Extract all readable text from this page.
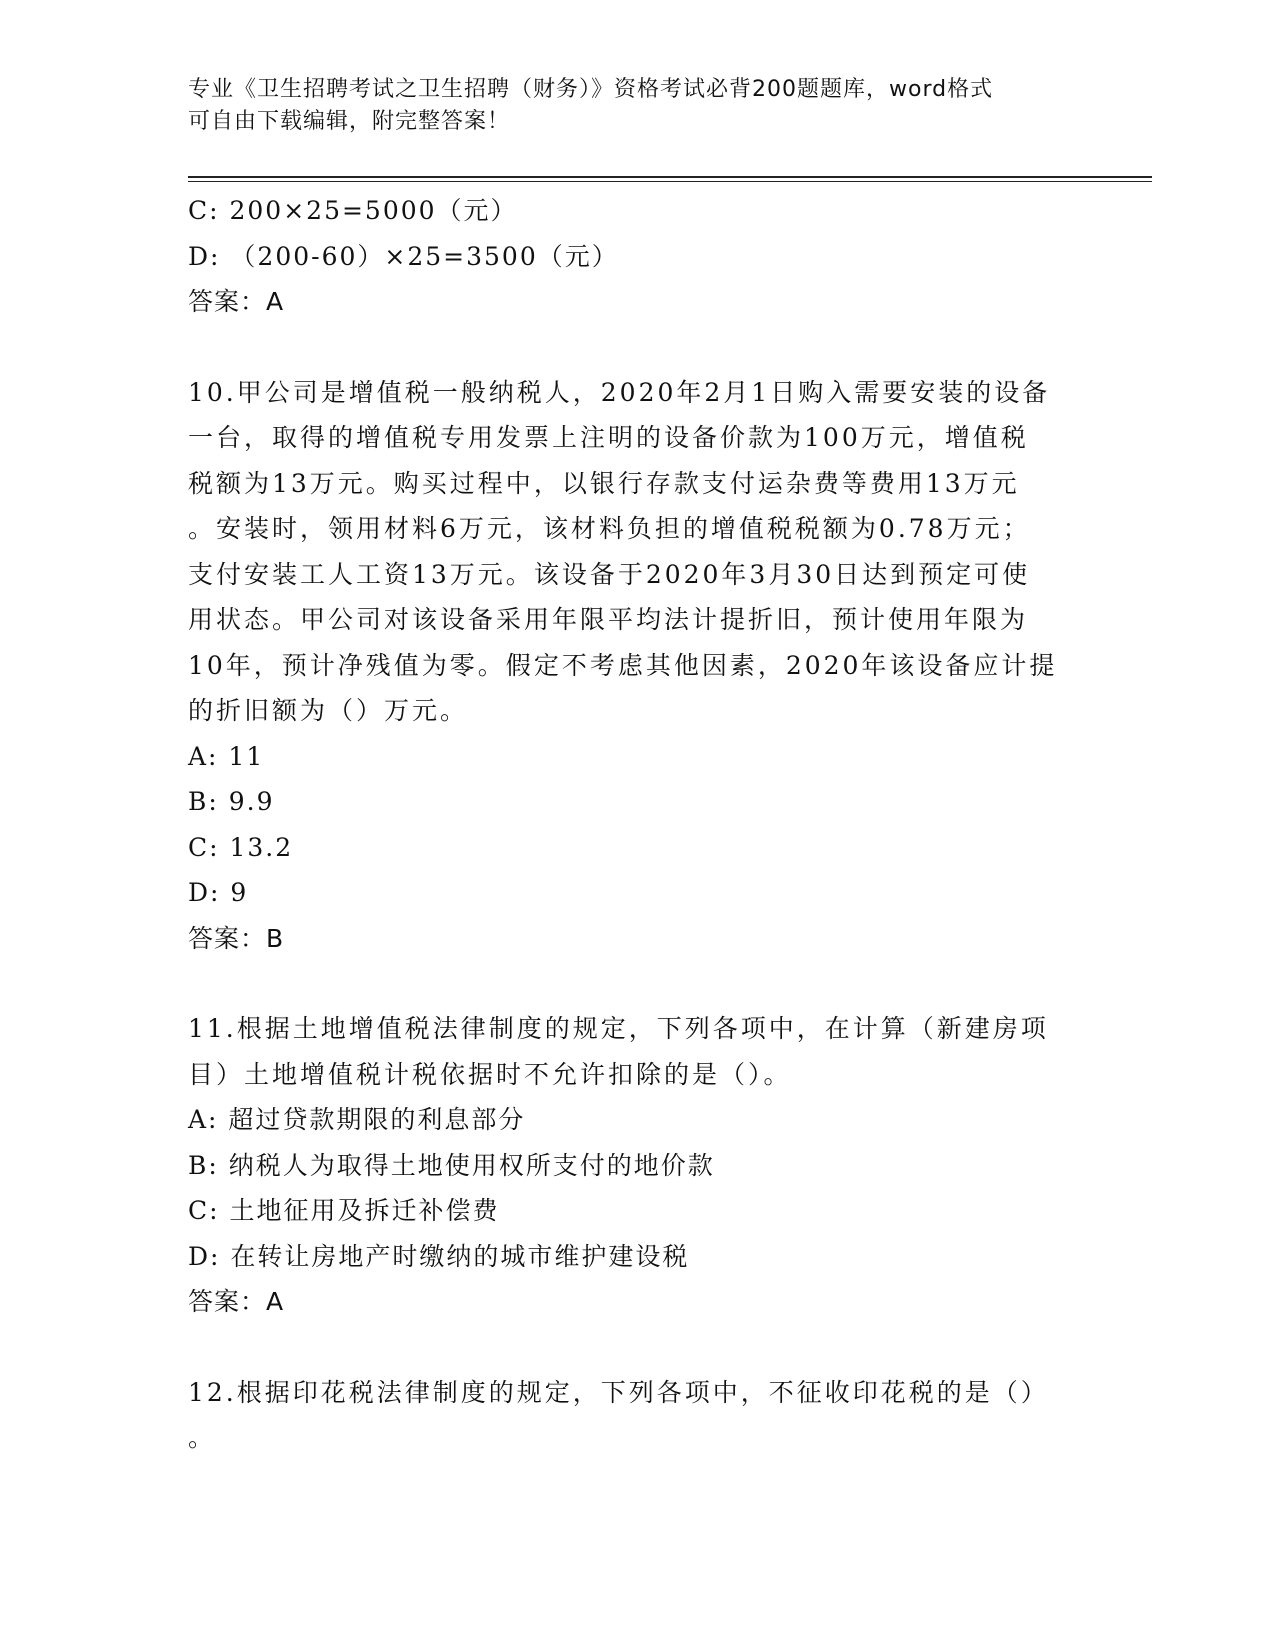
专业《卫生招聘考试之卫生招聘（财务）》资格考试必背200题题库，word格式
可自由下载编辑，附完整答案！
C: 200×25=5000（元）
D: （200-60）×25=3500（元）
答案：A
10.甲公司是增值税一般纳税人，2020年2月1日购入需要安装的设备
一台，取得的增值税专用发票上注明的设备价款为100万元，增值税
税额为13万元。购买过程中，以银行存款支付运杂费等费用13万元
。安装时，领用材料6万元，该材料负担的增值税税额为0.78万元；
支付安装工人工资13万元。该设备于2020年3月30日达到预定可使
用状态。甲公司对该设备采用年限平均法计提折旧，预计使用年限为
10年，预计净残值为零。假定不考虑其他因素，2020年该设备应计提
的折旧额为（）万元。
A: 11
B: 9.9
C: 13.2
D: 9
答案：B
11.根据土地增值税法律制度的规定，下列各项中，在计算（新建房项
目）土地增值税计税依据时不允许扣除的是（）。
A: 超过贷款期限的利息部分
B: 纳税人为取得土地使用权所支付的地价款
C: 土地征用及拆迁补偿费
D: 在转让房地产时缴纳的城市维护建设税
答案：A
12.根据印花税法律制度的规定，下列各项中，不征收印花税的是（）
。
